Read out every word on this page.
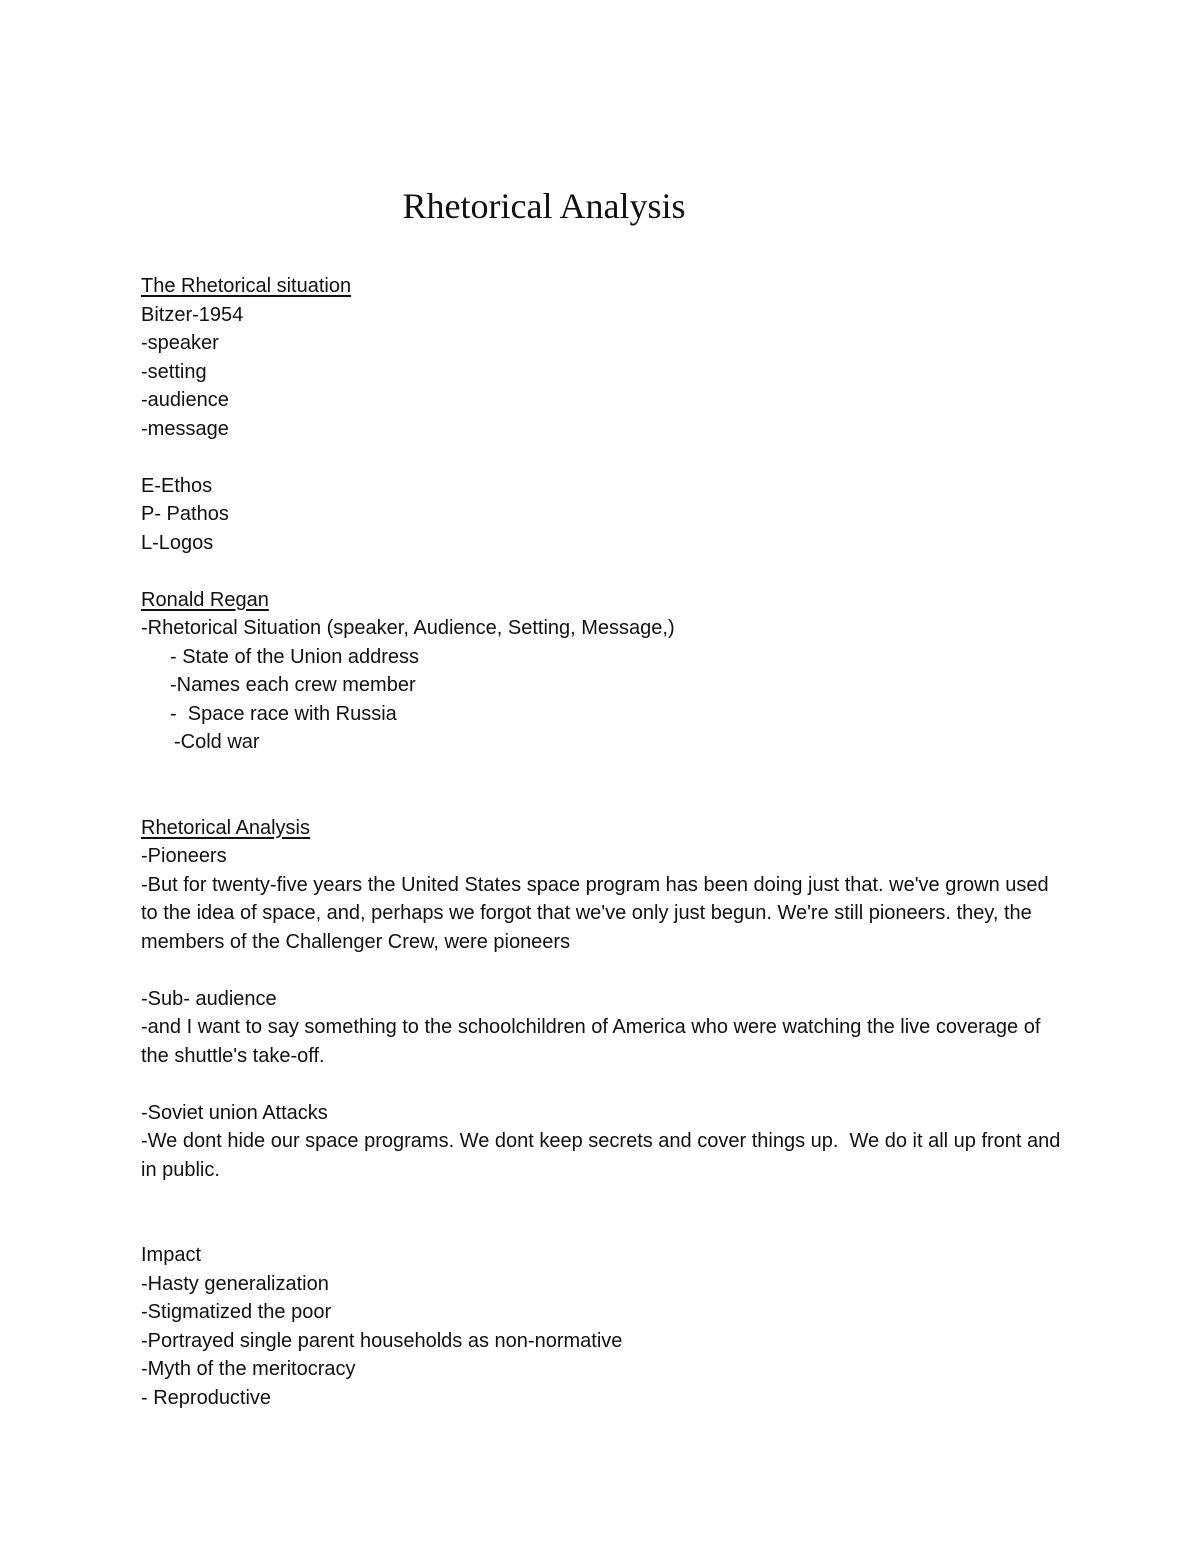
Rhetorical Analysis
The Rhetorical situation
Bitzer-1954
-speaker
-setting
-audience
-message
E-Ethos
P- Pathos
L-Logos
Ronald Regan
-Rhetorical Situation (speaker, Audience, Setting, Message,)
- State of the Union address
-Names each crew member
-  Space race with Russia
-Cold war
Rhetorical Analysis
-Pioneers
-But for twenty-five years the United States space program has been doing just that. we've grown used to the idea of space, and, perhaps we forgot that we've only just begun. We're still pioneers. they, the members of the Challenger Crew, were pioneers
-Sub- audience
-and I want to say something to the schoolchildren of America who were watching the live coverage of the shuttle's take-off.
-Soviet union Attacks
-We dont hide our space programs. We dont keep secrets and cover things up.  We do it all up front and in public.
Impact
-Hasty generalization
-Stigmatized the poor
-Portrayed single parent households as non-normative
-Myth of the meritocracy
- Reproductive
